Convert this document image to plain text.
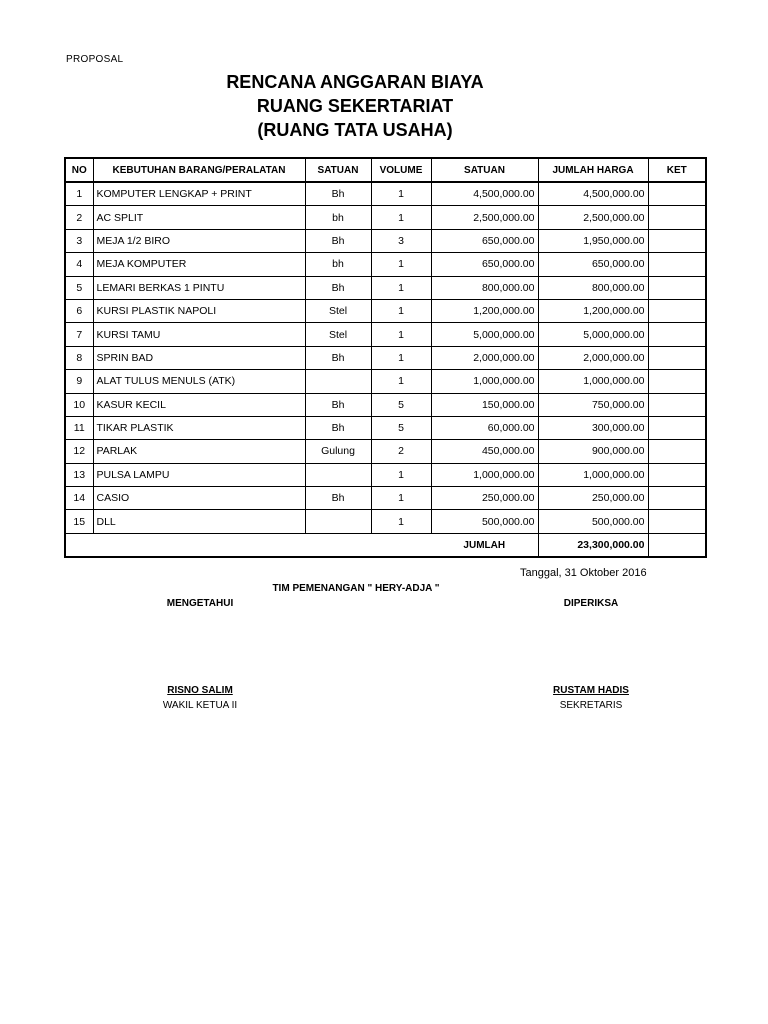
PROPOSAL
RENCANA ANGGARAN BIAYA
RUANG SEKERTARIAT
(RUANG TATA USAHA)
NO	KEBUTUHAN BARANG/PERALATAN	SATUAN	VOLUME	SATUAN	JUMLAH HARGA	KET
1	KOMPUTER LENGKAP + PRINT	Bh	1	4,500,000.00	4,500,000.00	
2	AC SPLIT	bh	1	2,500,000.00	2,500,000.00	
3	MEJA 1/2 BIRO	Bh	3	650,000.00	1,950,000.00	
4	MEJA KOMPUTER	bh	1	650,000.00	650,000.00	
5	LEMARI BERKAS 1 PINTU	Bh	1	800,000.00	800,000.00	
6	KURSI PLASTIK NAPOLI	Stel	1	1,200,000.00	1,200,000.00	
7	KURSI TAMU	Stel	1	5,000,000.00	5,000,000.00	
8	SPRIN BAD	Bh	1	2,000,000.00	2,000,000.00	
9	ALAT TULUS MENULS (ATK)		1	1,000,000.00	1,000,000.00	
10	KASUR KECIL	Bh	5	150,000.00	750,000.00	
11	TIKAR PLASTIK	Bh	5	60,000.00	300,000.00	
12	PARLAK	Gulung	2	450,000.00	900,000.00	
13	PULSA LAMPU		1	1,000,000.00	1,000,000.00	
14	CASIO	Bh	1	250,000.00	250,000.00	
15	DLL		1	500,000.00	500,000.00	
				JUMLAH	23,300,000.00	
Tanggal, 31 Oktober 2016
TIM PEMENANGAN " HERY-ADJA "
MENGETAHUI	DIPERIKSA
RISNO SALIM	RUSTAM HADIS
WAKIL KETUA II	SEKRETARIS
